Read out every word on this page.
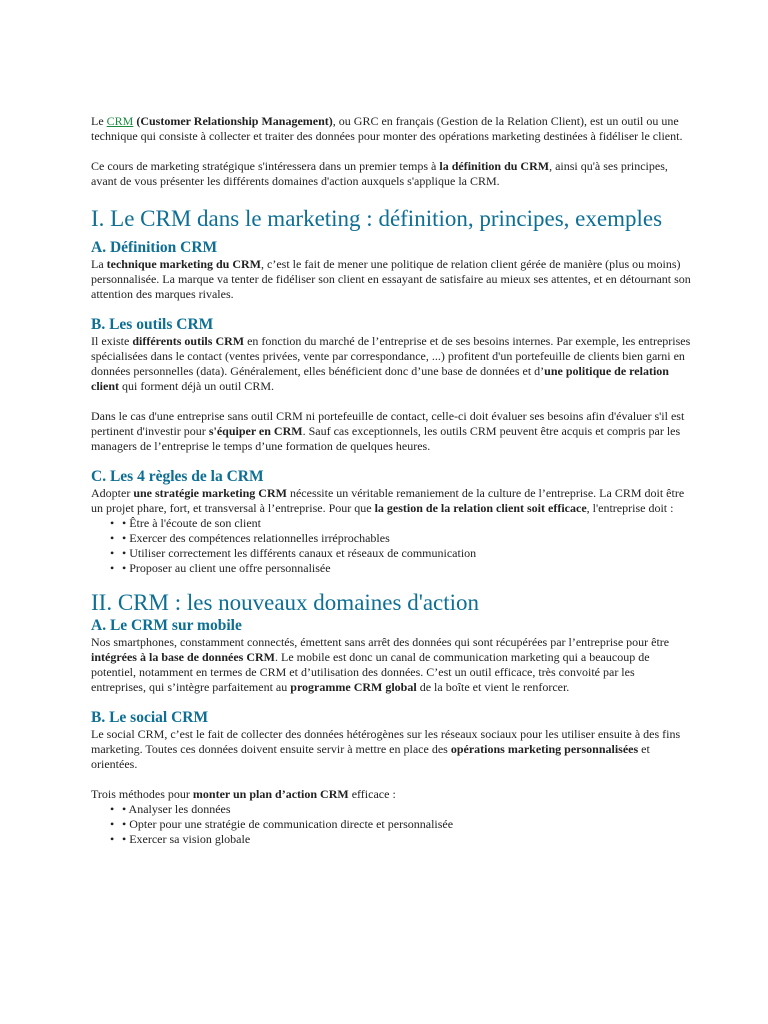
Le CRM (Customer Relationship Management), ou GRC en français (Gestion de la Relation Client), est un outil ou une technique qui consiste à collecter et traiter des données pour monter des opérations marketing destinées à fidéliser le client.

Ce cours de marketing stratégique s'intéressera dans un premier temps à la définition du CRM, ainsi qu'à ses principes, avant de vous présenter les différents domaines d'action auxquels s'applique la CRM.

I. Le CRM dans le marketing : définition, principes, exemples
A. Définition CRM

La technique marketing du CRM, c’est le fait de mener une politique de relation client gérée de manière (plus ou moins) personnalisée. La marque va tenter de fidéliser son client en essayant de satisfaire au mieux ses attentes, et en détournant son attention des marques rivales.

B. Les outils CRM

Il existe différents outils CRM en fonction du marché de l’entreprise et de ses besoins internes. Par exemple, les entreprises spécialisées dans le contact (ventes privées, vente par correspondance, ...) profitent d'un portefeuille de clients bien garni en données personnelles (data). Généralement, elles bénéficient donc d’une base de données et d’une politique de relation client qui forment déjà un outil CRM.

Dans le cas d'une entreprise sans outil CRM ni portefeuille de contact, celle-ci doit évaluer ses besoins afin d'évaluer s'il est pertinent d'investir pour s'équiper en CRM. Sauf cas exceptionnels, les outils CRM peuvent être acquis et compris par les managers de l’entreprise le temps d’une formation de quelques heures.

C. Les 4 règles de la CRM

Adopter une stratégie marketing CRM nécessite un véritable remaniement de la culture de l’entreprise. La CRM doit être un projet phare, fort, et transversal à l’entreprise. Pour que la gestion de la relation client soit efficace, l'entreprise doit :

• • Être à l'écoute de son client
• • Exercer des compétences relationnelles irréprochables
• • Utiliser correctement les différents canaux et réseaux de communication
• • Proposer au client une offre personnalisée
II. CRM : les nouveaux domaines d'action
A. Le CRM sur mobile

Nos smartphones, constamment connectés, émettent sans arrêt des données qui sont récupérées par l’entreprise pour être intégrées à la base de données CRM. Le mobile est donc un canal de communication marketing qui a beaucoup de potentiel, notamment en termes de CRM et d’utilisation des données. C’est un outil efficace, très convoité par les entreprises, qui s’intègre parfaitement au programme CRM global de la boîte et vient le renforcer.

B. Le social CRM

Le social CRM, c’est le fait de collecter des données hétérogènes sur les réseaux sociaux pour les utiliser ensuite à des fins marketing. Toutes ces données doivent ensuite servir à mettre en place des opérations marketing personnalisées et orientées.

Trois méthodes pour monter un plan d’action CRM efficace :

• • Analyser les données
• • Opter pour une stratégie de communication directe et personnalisée
• • Exercer sa vision globale
